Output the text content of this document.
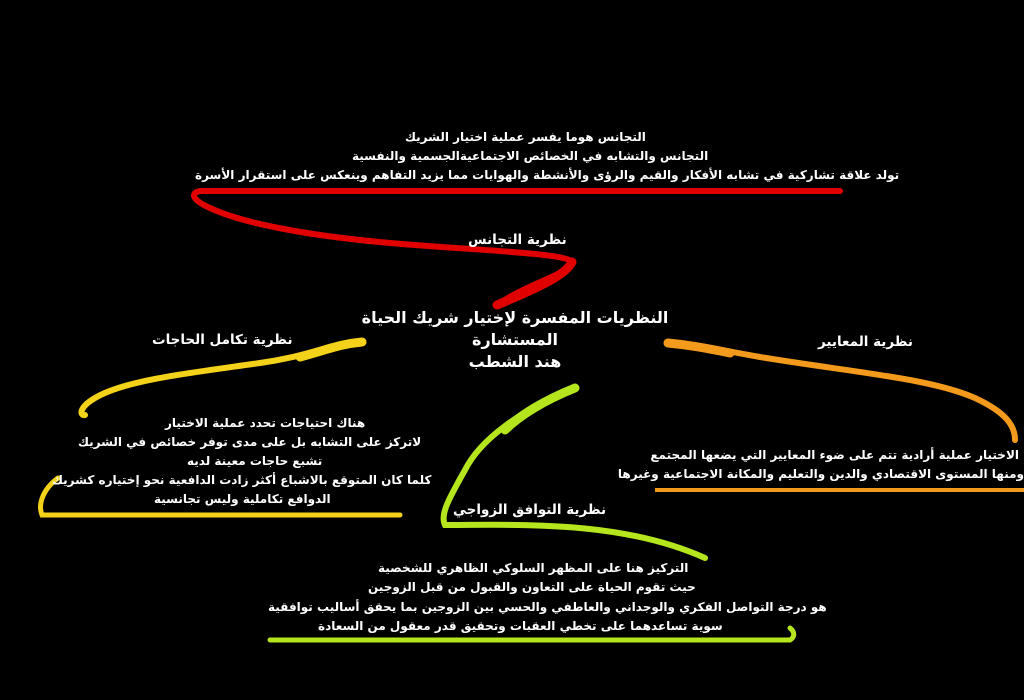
النظريات المفسرة لإختيار شريك الحياة
المستشارة
هند الشطب
نظرية التجانس
التجانس هوما يفسر عملية اختيار الشريك
التجانس والتشابه في الخصائص الاجتماعيةالجسمية والنفسية
تولد علاقة تشاركية في تشابه الأفكار والقيم والرؤى والأنشطة والهوايات مما يزيد التفاهم وينعكس على استقرار الأسرة
نظرية تكامل الحاجات
هناك احتياجات تحدد عملية الاختيار
لاتركز على التشابه بل على مدى توفر خصائص في الشريك
تشبع حاجات معينة لديه
كلما كان المتوقع بالاشباع أكثر زادت الدافعية نحو إختياره كشريك
الدوافع تكاملية وليس تجانسية
نظرية المعايير
الاختيار عملية أرادية تتم على ضوء المعايير التي يضعها المجتمع
ومنها المستوى الاقتصادي والدين والتعليم والمكانة الاجتماعية وغيرها
نظرية التوافق الزواجي
التركيز هنا على المظهر السلوكي الظاهري للشخصية
حيث تقوم الحياة على التعاون والقبول من قبل الزوجين
هو درجة التواصل الفكري والوجداني والعاطفي والحسي بين الزوجين بما يحقق أساليب توافقية
سوية تساعدهما على تخطي العقبات وتحقيق قدر معقول من السعادة
